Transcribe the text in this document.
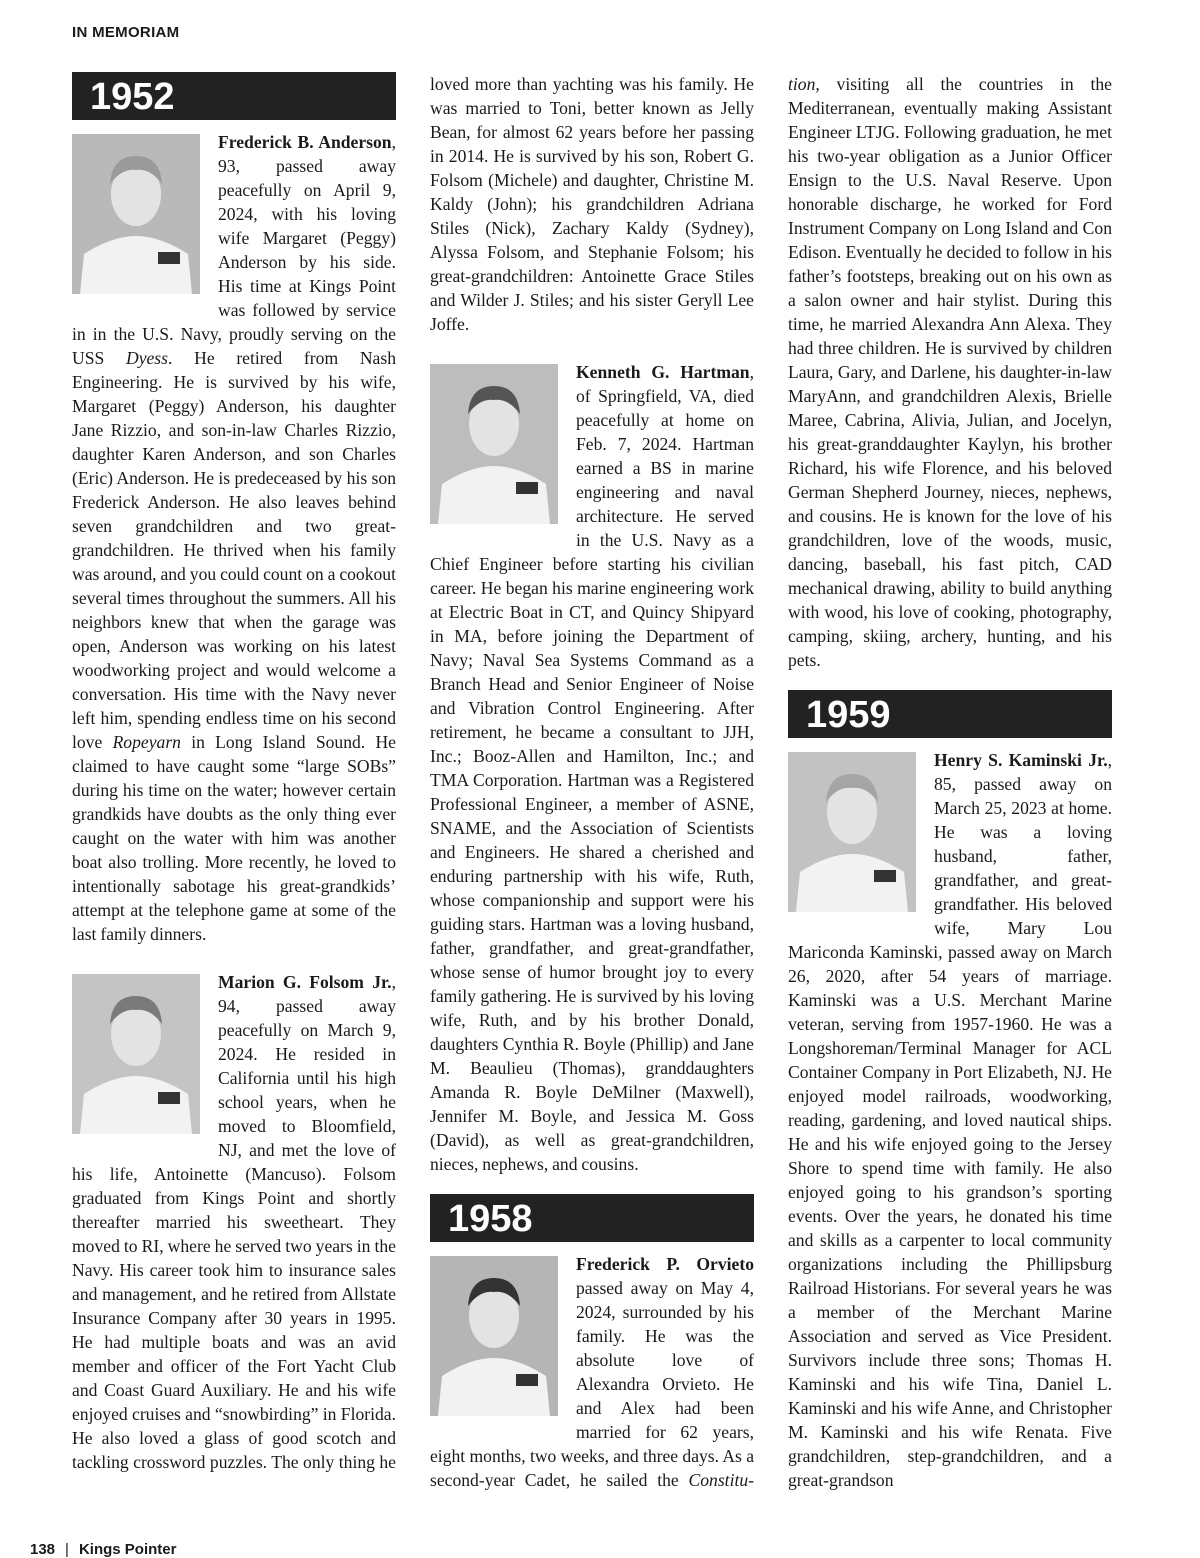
IN MEMORIAM
138 | Kings Pointer
1952

Frederick B. Anderson, 93, passed away peacefully on April 9, 2024, with his loving wife Margaret (Peggy) Anderson by his side. His time at Kings Point was followed by service in in the U.S. Navy, proudly serving on the USS Dyess. He retired from Nash Engineering. He is survived by his wife, Margaret (Peggy) Anderson, his daughter Jane Rizzio, and son-in-law Charles Rizzio, daughter Karen Anderson, and son Charles (Eric) Anderson. He is predeceased by his son Frederick Anderson. He also leaves behind seven grandchildren and two great-grandchildren. He thrived when his family was around, and you could count on a cookout several times throughout the summers. All his neighbors knew that when the garage was open, Anderson was working on his latest woodworking project and would welcome a conversation. His time with the Navy never left him, spending endless time on his second love Ropeyarn in Long Island Sound. He claimed to have caught some “large SOBs” during his time on the water; however certain grandkids have doubts as the only thing ever caught on the water with him was another boat also trolling. More recently, he loved to intentionally sabotage his great-grandkids’ attempt at the telephone game at some of the last family dinners.

Marion G. Folsom Jr., 94, passed away peacefully on March 9, 2024. He resided in California until his high school years, when he moved to Bloomfield, NJ, and met the love of his life, Antoinette (Mancuso). Folsom graduated from Kings Point and shortly thereafter married his sweetheart. They moved to RI, where he served two years in the Navy. His career took him to insurance sales and management, and he retired from Allstate Insurance Company after 30 years in 1995. He had multiple boats and was an avid member and officer of the Fort Yacht Club and Coast Guard Auxiliary. He and his wife enjoyed cruises and “snowbirding” in Florida. He also loved a glass of good scotch and tackling crossword puzzles. The only thing he loved more than yachting was his family. He was married to Toni, better known as Jelly Bean, for almost 62 years before her passing in 2014. He is survived by his son, Robert G. Folsom (Michele) and daughter, Christine M. Kaldy (John); his grandchildren Adriana Stiles (Nick), Zachary Kaldy (Sydney), Alyssa Folsom, and Stephanie Folsom; his great-grandchildren: Antoinette Grace Stiles and Wilder J. Stiles; and his sister Geryll Lee Joffe.

Kenneth G. Hartman, of Springfield, VA, died peacefully at home on Feb. 7, 2024. Hartman earned a BS in marine engineering and naval architecture. He served in the U.S. Navy as a Chief Engineer before starting his civilian career. He began his marine engineering work at Electric Boat in CT, and Quincy Shipyard in MA, before joining the Department of Navy; Naval Sea Systems Command as a Branch Head and Senior Engineer of Noise and Vibration Control Engineering. After retirement, he became a consultant to JJH, Inc.; Booz-Allen and Hamilton, Inc.; and TMA Corporation. Hartman was a Registered Professional Engineer, a member of ASNE, SNAME, and the Association of Scientists and Engineers. He shared a cherished and enduring partnership with his wife, Ruth, whose companionship and support were his guiding stars. Hartman was a loving husband, father, grandfather, and great-grandfather, whose sense of humor brought joy to every family gathering. He is survived by his loving wife, Ruth, and by his brother Donald, daughters Cynthia R. Boyle (Phillip) and Jane M. Beaulieu (Thomas), granddaughters Amanda R. Boyle DeMilner (Maxwell), Jennifer M. Boyle, and Jessica M. Goss (David), as well as great-grandchildren, nieces, nephews, and cousins.

1958

Frederick P. Orvieto passed away on May 4, 2024, surrounded by his family. He was the absolute love of Alexandra Orvieto. He and Alex had been married for 62 years, eight months, two weeks, and three days. As a second-year Cadet, he sailed the Constitu- tion, visiting all the countries in the Mediterranean, eventually making Assistant Engineer LTJG. Following graduation, he met his two-year obligation as a Junior Officer Ensign to the U.S. Naval Reserve. Upon honorable discharge, he worked for Ford Instrument Company on Long Island and Con Edison. Eventually he decided to follow in his father’s footsteps, breaking out on his own as a salon owner and hair stylist. During this time, he married Alexandra Ann Alexa. They had three children. He is survived by children Laura, Gary, and Darlene, his daughter-in-law MaryAnn, and grandchildren Alexis, Brielle Maree, Cabrina, Alivia, Julian, and Jocelyn, his great-granddaughter Kaylyn, his brother Richard, his wife Florence, and his beloved German Shepherd Journey, nieces, nephews, and cousins. He is known for the love of his grandchildren, love of the woods, music, dancing, baseball, his fast pitch, CAD mechanical drawing, ability to build anything with wood, his love of cooking, photography, camping, skiing, archery, hunting, and his pets.

1959

Henry S. Kaminski Jr., 85, passed away on March 25, 2023 at home. He was a loving husband, father, grandfather, and great-grandfather. His beloved wife, Mary Lou Mariconda Kaminski, passed away on March 26, 2020, after 54 years of marriage. Kaminski was a U.S. Merchant Marine veteran, serving from 1957-1960. He was a Longshoreman/Terminal Manager for ACL Container Company in Port Elizabeth, NJ. He enjoyed model railroads, woodworking, reading, gardening, and loved nautical ships. He and his wife enjoyed going to the Jersey Shore to spend time with family. He also enjoyed going to his grandson’s sporting events. Over the years, he donated his time and skills as a carpenter to local community organizations including the Phillipsburg Railroad Historians. For several years he was a member of the Merchant Marine Association and served as Vice President. Survivors include three sons; Thomas H. Kaminski and his wife Tina, Daniel L. Kaminski and his wife Anne, and Christopher M. Kaminski and his wife Renata. Five grandchildren, step-grandchildren, and a great-grandson
